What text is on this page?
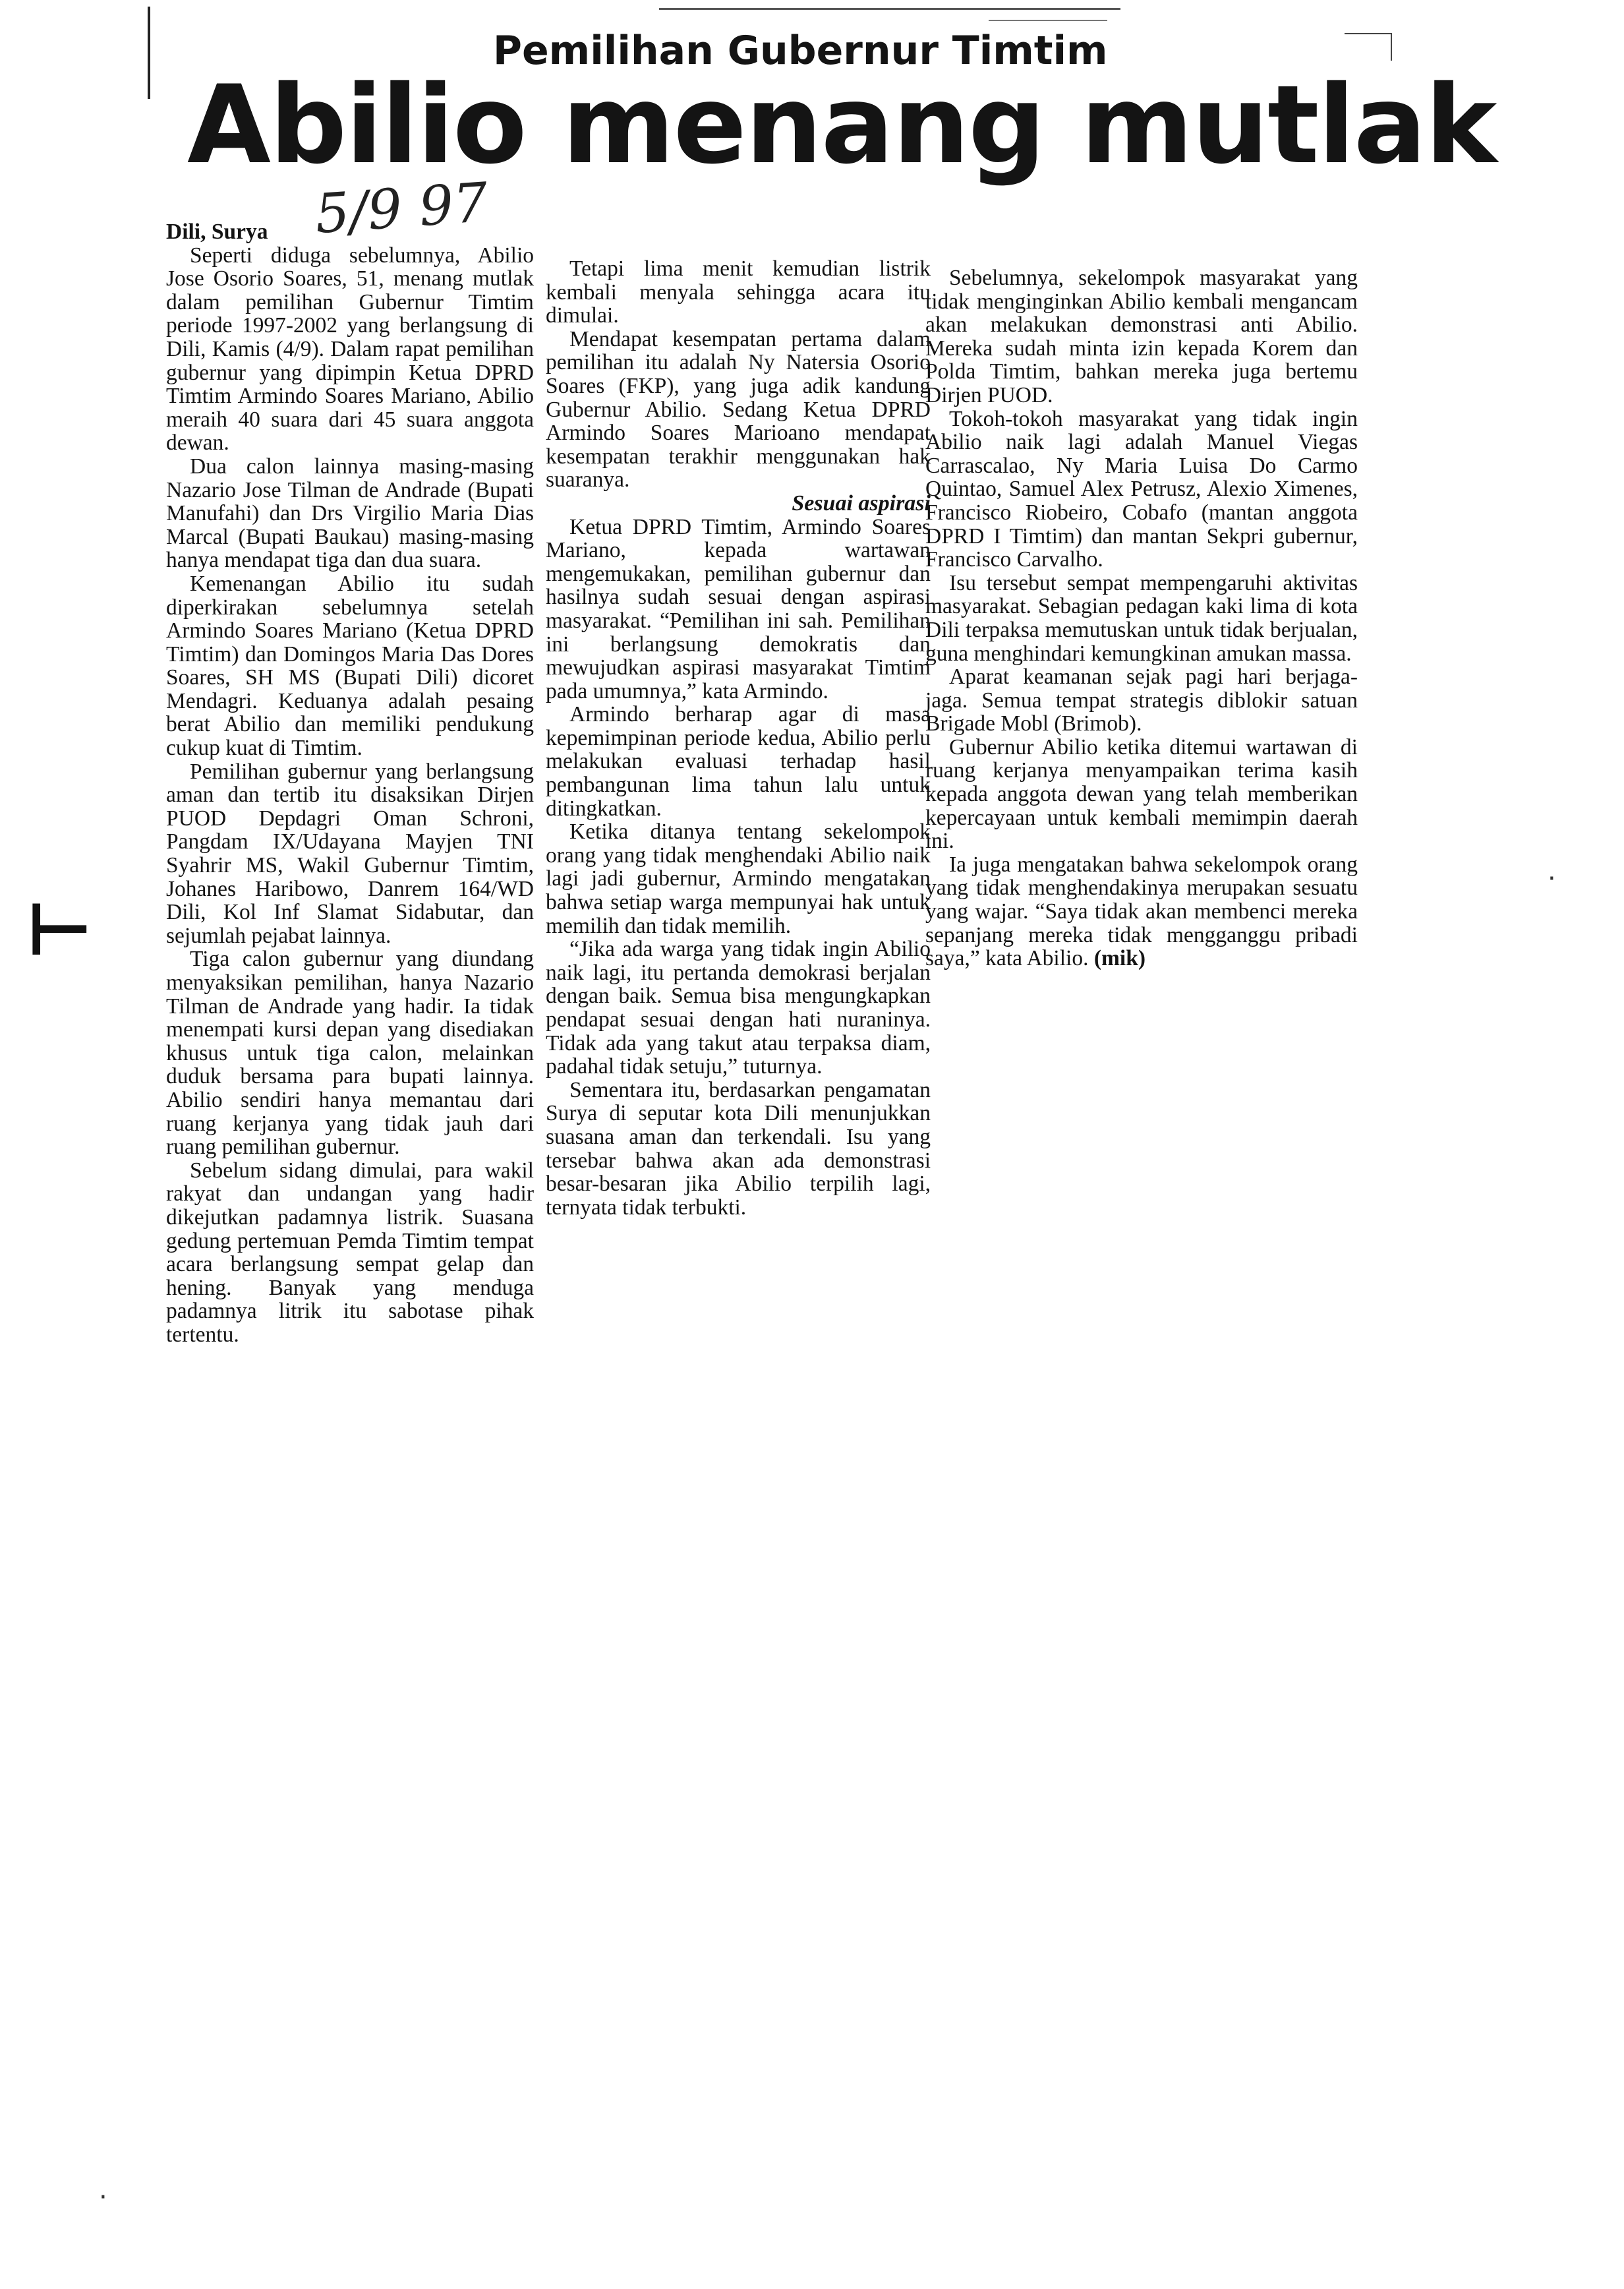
⊢
·
·
Pemilihan Gubernur Timtim
Abilio menang mutlak
5/9 97

Dili, Surya

Seperti diduga sebelumnya, Abilio Jose Osorio Soares, 51, menang mutlak dalam pemilihan Gubernur Timtim periode 1997-2002 yang berlangsung di Dili, Kamis (4/9). Dalam rapat pemilihan gubernur yang dipimpin Ketua DPRD Timtim Armindo Soares Mariano, Abilio meraih 40 suara dari 45 suara anggota dewan.

Dua calon lainnya masing-masing Nazario Jose Tilman de Andrade (Bupati Manufahi) dan Drs Virgilio Maria Dias Marcal (Bupati Baukau) masing-masing hanya mendapat tiga dan dua suara.

Kemenangan Abilio itu sudah diperkirakan sebelumnya setelah Armindo Soares Mariano (Ketua DPRD Timtim) dan Domingos Maria Das Dores Soares, SH MS (Bupati Dili) dicoret Mendagri. Keduanya adalah pesaing berat Abilio dan memiliki pendukung cukup kuat di Timtim.

Pemilihan gubernur yang berlangsung aman dan tertib itu disaksikan Dirjen PUOD Depdagri Oman Schroni, Pangdam IX/Udayana Mayjen TNI Syahrir MS, Wakil Gubernur Timtim, Johanes Haribowo, Danrem 164/WD Dili, Kol Inf Slamat Sidabutar, dan sejumlah pejabat lainnya.

Tiga calon gubernur yang diundang menyaksikan pemilihan, hanya Nazario Tilman de Andrade yang hadir. Ia tidak menempati kursi depan yang disediakan khusus untuk tiga calon, melainkan duduk bersama para bupati lainnya. Abilio sendiri hanya memantau dari ruang kerjanya yang tidak jauh dari ruang pemilihan gubernur.

Sebelum sidang dimulai, para wakil rakyat dan undangan yang hadir dikejutkan padamnya listrik. Suasana gedung pertemuan Pemda Timtim tempat acara berlangsung sempat gelap dan hening. Banyak yang menduga padamnya litrik itu sabotase pihak tertentu.

Tetapi lima menit kemudian listrik kembali menyala sehingga acara itu dimulai.

Mendapat kesempatan pertama dalam pemilihan itu adalah Ny Natersia Osorio Soares (FKP), yang juga adik kandung Gubernur Abilio. Sedang Ketua DPRD Armindo Soares Marioano mendapat kesempatan terakhir menggunakan hak suaranya.

Sesuai aspirasi

Ketua DPRD Timtim, Armindo Soares Mariano, kepada wartawan mengemukakan, pemilihan gubernur dan hasilnya sudah sesuai dengan aspirasi masyarakat. “Pemilihan ini sah. Pemilihan ini berlangsung demokratis dan mewujudkan aspirasi masyarakat Timtim pada umumnya,” kata Armindo.

Armindo berharap agar di masa kepemimpinan periode kedua, Abilio perlu melakukan evaluasi terhadap hasil pembangunan lima tahun lalu untuk ditingkatkan.

Ketika ditanya tentang sekelompok orang yang tidak menghendaki Abilio naik lagi jadi gubernur, Armindo mengatakan bahwa setiap warga mempunyai hak untuk memilih dan tidak memilih.

“Jika ada warga yang tidak ingin Abilio naik lagi, itu pertanda demokrasi berjalan dengan baik. Semua bisa mengungkapkan pendapat sesuai dengan hati nuraninya. Tidak ada yang takut atau terpaksa diam, padahal tidak setuju,” tuturnya.

Sementara itu, berdasarkan pengamatan Surya di seputar kota Dili menunjukkan suasana aman dan terkendali. Isu yang tersebar bahwa akan ada demonstrasi besar-besaran jika Abilio terpilih lagi, ternyata tidak terbukti.

Sebelumnya, sekelompok masyarakat yang tidak menginginkan Abilio kembali mengancam akan melakukan demonstrasi anti Abilio. Mereka sudah minta izin kepada Korem dan Polda Timtim, bahkan mereka juga bertemu Dirjen PUOD.

Tokoh-tokoh masyarakat yang tidak ingin Abilio naik lagi adalah Manuel Viegas Carrascalao, Ny Maria Luisa Do Carmo Quintao, Samuel Alex Petrusz, Alexio Ximenes, Francisco Riobeiro, Cobafo (mantan anggota DPRD I Timtim) dan mantan Sekpri gubernur, Francisco Carvalho.

Isu tersebut sempat mempengaruhi aktivitas masyarakat. Sebagian pedagan kaki lima di kota Dili terpaksa memutuskan untuk tidak berjualan, guna menghindari kemungkinan amukan massa.

Aparat keamanan sejak pagi hari berjaga-jaga. Semua tempat strategis diblokir satuan Brigade Mobl (Brimob).

Gubernur Abilio ketika ditemui wartawan di ruang kerjanya menyampaikan terima kasih kepada anggota dewan yang telah memberikan kepercayaan untuk kembali memimpin daerah ini.

Ia juga mengatakan bahwa sekelompok orang yang tidak menghendakinya merupakan sesuatu yang wajar. “Saya tidak akan membenci mereka sepanjang mereka tidak mengganggu pribadi saya,” kata Abilio. (mik)
